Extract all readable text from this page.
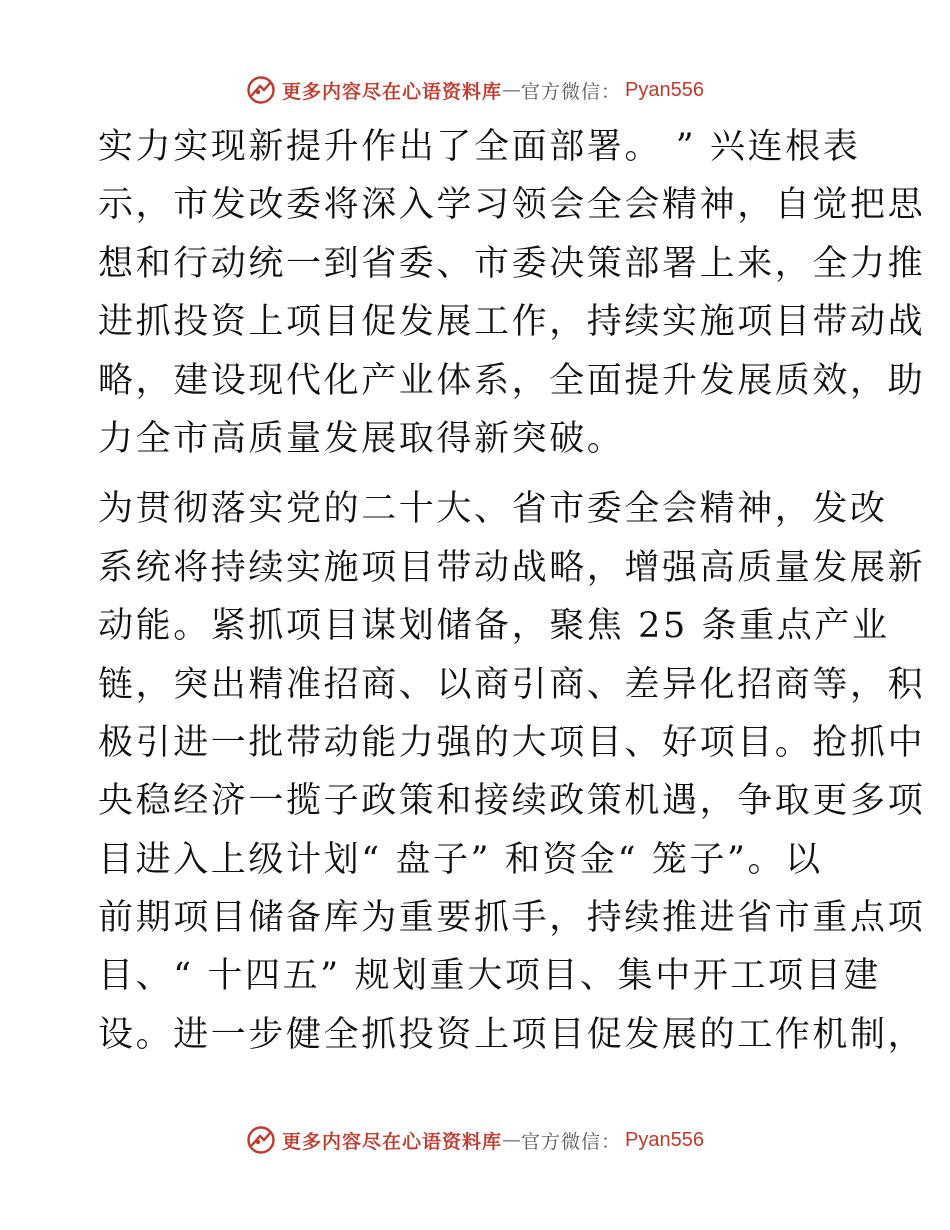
更多内容尽在心语资料库 — 官方微信： Pyan556
实力实现新提升作出了全面部署。 ” 兴连根表
示，市发改委将深入学习领会全会精神，自觉把思
想和行动统一到省委、市委决策部署上来，全力推
进抓投资上项目促发展工作，持续实施项目带动战
略，建设现代化产业体系，全面提升发展质效，助
力全市高质量发展取得新突破。
为贯彻落实党的二十大、省市委全会精神，发改
系统将持续实施项目带动战略，增强高质量发展新
动能。紧抓项目谋划储备，聚焦 25 条重点产业
链，突出精准招商、以商引商、差异化招商等，积
极引进一批带动能力强的大项目、好项目。抢抓中
央稳经济一揽子政策和接续政策机遇，争取更多项
目进入上级计划“ 盘子” 和资金“ 笼子”。以
前期项目储备库为重要抓手，持续推进省市重点项
目、“ 十四五” 规划重大项目、集中开工项目建
设。进一步健全抓投资上项目促发展的工作机制，
更多内容尽在心语资料库 — 官方微信： Pyan556
